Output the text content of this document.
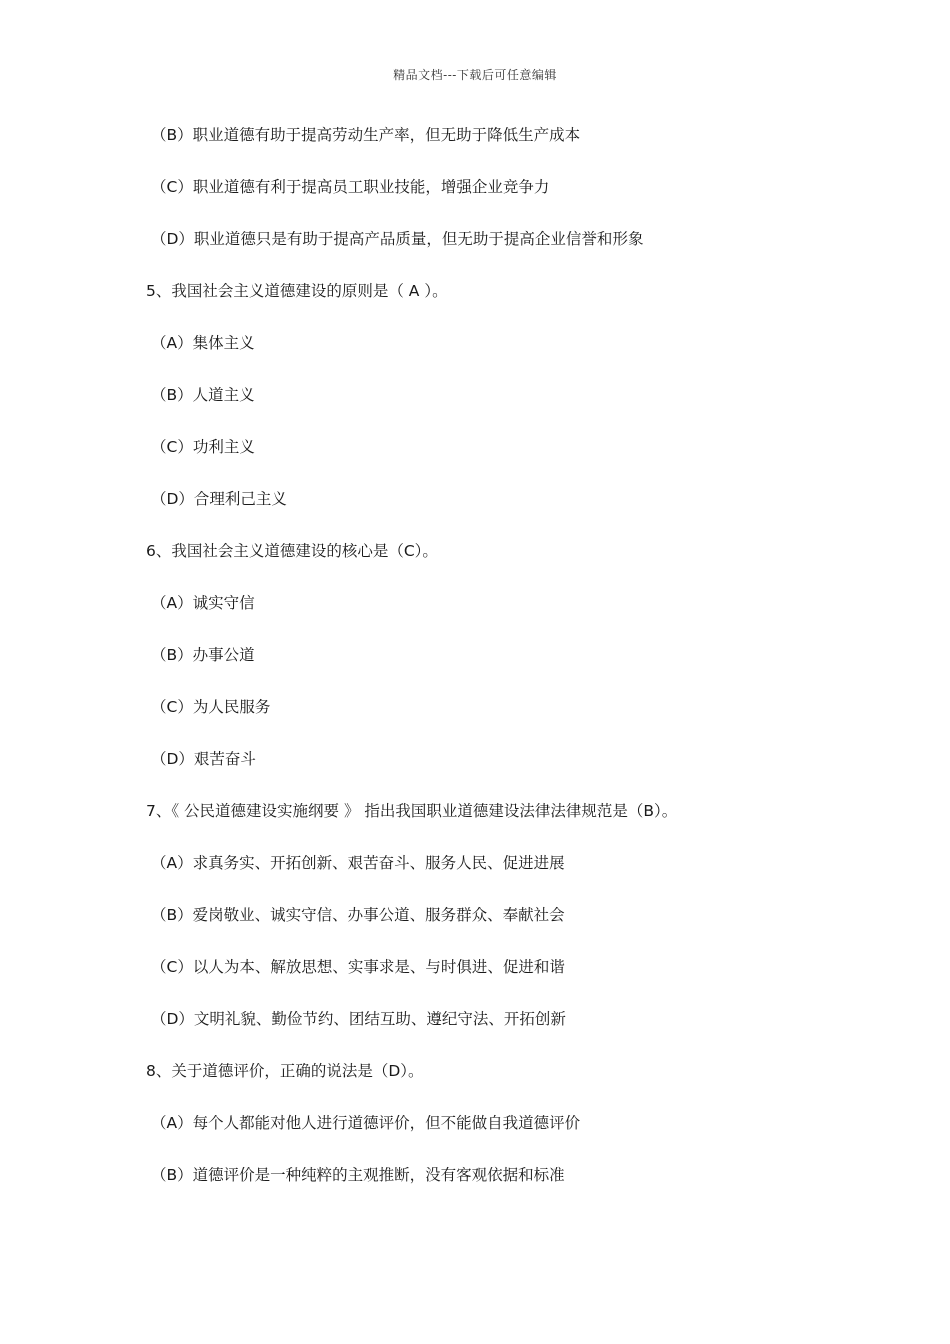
精品文档---下载后可任意编辑
（B）职业道德有助于提高劳动生产率，但无助于降低生产成本
（C）职业道德有利于提高员工职业技能，增强企业竞争力
（D）职业道德只是有助于提高产品质量，但无助于提高企业信誉和形象
5、我国社会主义道德建设的原则是（ A ）。
（A）集体主义
（B）人道主义
（C）功利主义
（D）合理利己主义
6、我国社会主义道德建设的核心是（C）。
（A）诚实守信
（B）办事公道
（C）为人民服务
（D）艰苦奋斗
7、《 公民道德建设实施纲要 》 指出我国职业道德建设法律法律规范是（B）。
（A）求真务实、开拓创新、艰苦奋斗、服务人民、促进进展
（B）爱岗敬业、诚实守信、办事公道、服务群众、奉献社会
（C）以人为本、解放思想、实事求是、与时俱进、促进和谐
（D）文明礼貌、勤俭节约、团结互助、遵纪守法、开拓创新
8、关于道德评价，正确的说法是（D）。
（A）每个人都能对他人进行道德评价，但不能做自我道德评价
（B）道德评价是一种纯粹的主观推断，没有客观依据和标准
